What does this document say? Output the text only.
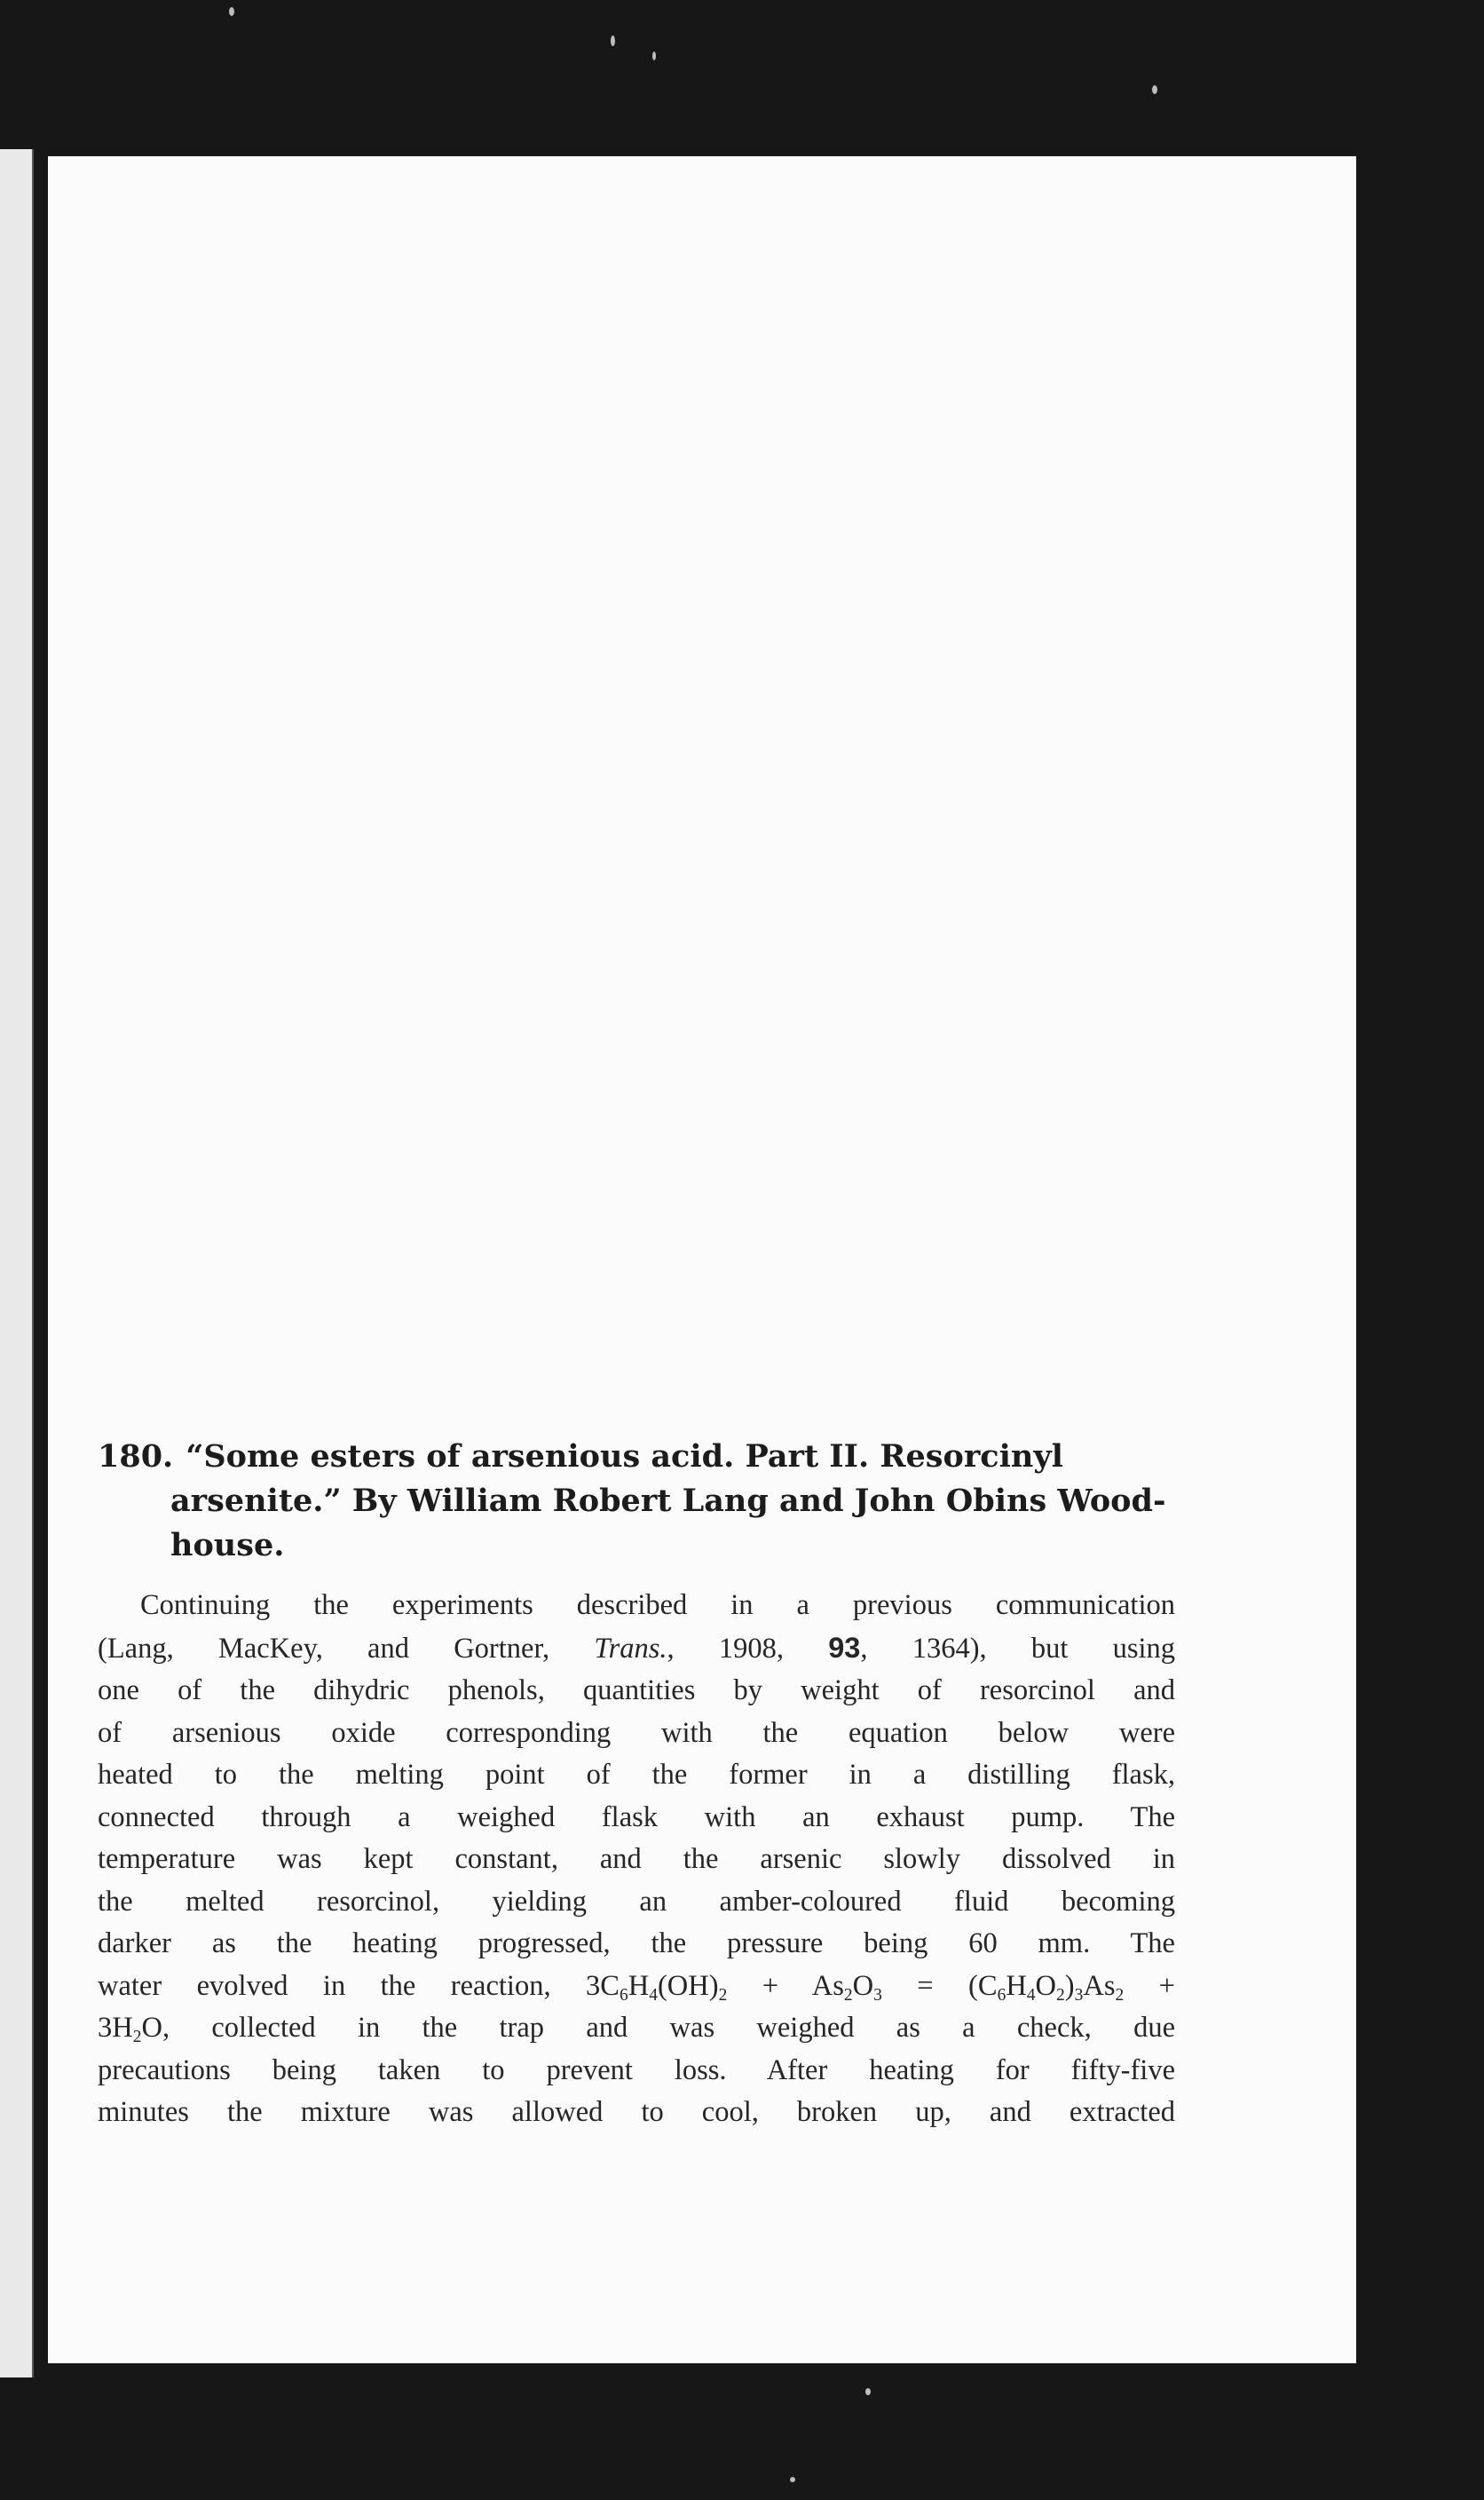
180. “Some esters of arsenious acid. Part II. Resorcinyl
arsenite.” By William Robert Lang and John Obins Wood-
house.
Continuing the experiments described in a previous communication
(Lang, MacKey, and Gortner, Trans., 1908, 93, 1364), but using
one of the dihydric phenols, quantities by weight of resorcinol and
of arsenious oxide corresponding with the equation below were
heated to the melting point of the former in a distilling flask,
connected through a weighed flask with an exhaust pump. The
temperature was kept constant, and the arsenic slowly dissolved in
the melted resorcinol, yielding an amber-coloured fluid becoming
darker as the heating progressed, the pressure being 60 mm. The
water evolved in the reaction, $3C_6H_4(OH)_2 + As_2O_3 = (C_6H_4O_2)_3As_2$ +
$3H_2O$, collected in the trap and was weighed as a check, due
precautions being taken to prevent loss. After heating for fifty-five
minutes the mixture was allowed to cool, broken up, and extracted
